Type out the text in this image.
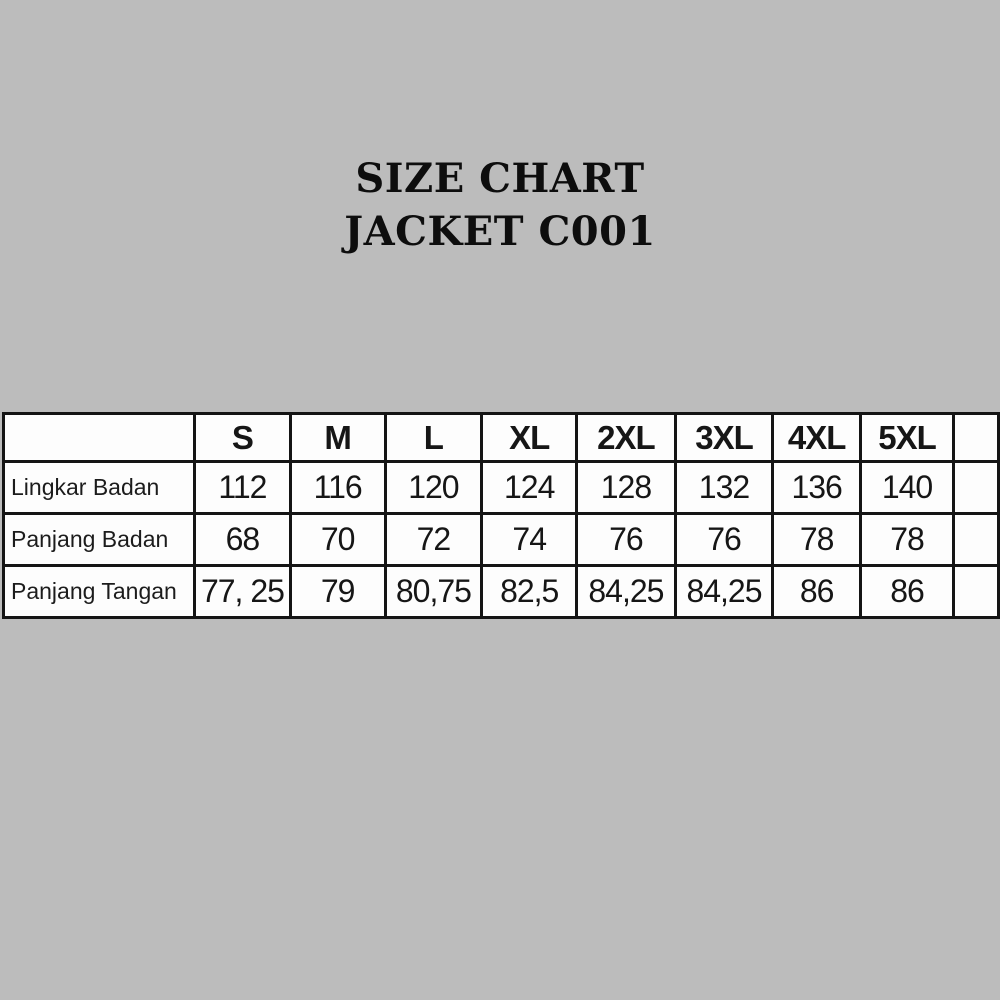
SIZE CHART
JACKET C001
	S	M	L	XL	2XL	3XL	4XL	5XL	
Lingkar Badan	112	116	120	124	128	132	136	140	
Panjang Badan	68	70	72	74	76	76	78	78	
Panjang Tangan	77, 25	79	80,75	82,5	84,25	84,25	86	86	
